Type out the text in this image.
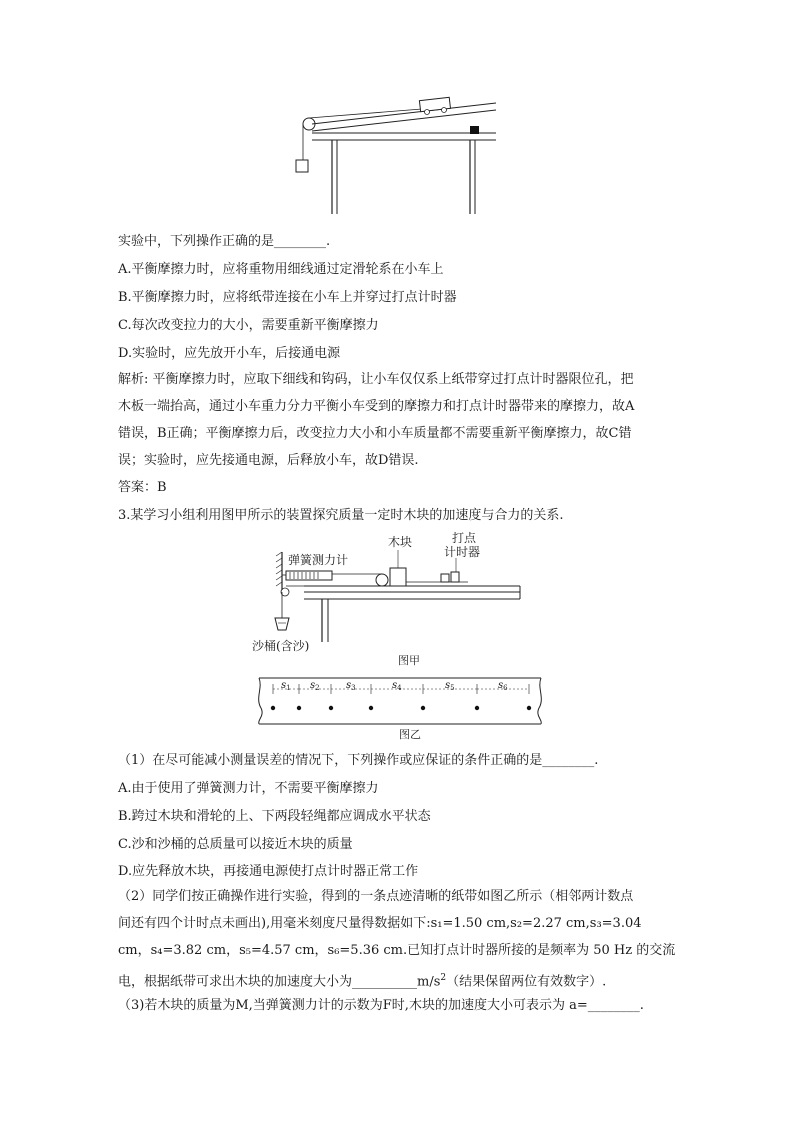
实验中，下列操作正确的是________.
A.平衡摩擦力时，应将重物用细线通过定滑轮系在小车上
B.平衡摩擦力时，应将纸带连接在小车上并穿过打点计时器
C.每次改变拉力的大小，需要重新平衡摩擦力
D.实验时，应先放开小车，后接通电源
解析: 平衡摩擦力时，应取下细线和钩码，让小车仅仅系上纸带穿过打点计时器限位孔，把
木板一端抬高，通过小车重力分力平衡小车受到的摩擦力和打点计时器带来的摩擦力，故A
错误，B正确；平衡摩擦力后，改变拉力大小和小车质量都不需要重新平衡摩擦力，故C错
误；实验时，应先接通电源，后释放小车，故D错误.
答案：B
3.某学习小组利用图甲所示的装置探究质量一定时木块的加速度与合力的关系.
弹簧测力计
木块	打点
计时器
沙桶(含沙)
图甲
$s_1$ $s_2$	$s_3$	$s_4$	$s_5$	$s_6$
图乙
（1）在尽可能减小测量误差的情况下，下列操作或应保证的条件正确的是________.
A.由于使用了弹簧测力计，不需要平衡摩擦力
B.跨过木块和滑轮的上、下两段轻绳都应调成水平状态
C.沙和沙桶的总质量可以接近木块的质量
D.应先释放木块，再接通电源使打点计时器正常工作
（2）同学们按正确操作进行实验，得到的一条点迹清晰的纸带如图乙所示（相邻两计数点
间还有四个计时点未画出),用毫米刻度尺量得数据如下:s₁=1.50 cm,s₂=2.27 cm,s₃=3.04
cm，s₄=3.82 cm，s₅=4.57 cm，s₆=5.36 cm.已知打点计时器所接的是频率为 50 Hz 的交流
电，根据纸带可求出木块的加速度大小为$\_\_\_\_\_\_\_\_\_\_m/s^2$（结果保留两位有效数字）.
（3)若木块的质量为M,当弹簧测力计的示数为F时,木块的加速度大小可表示为 a=________.
